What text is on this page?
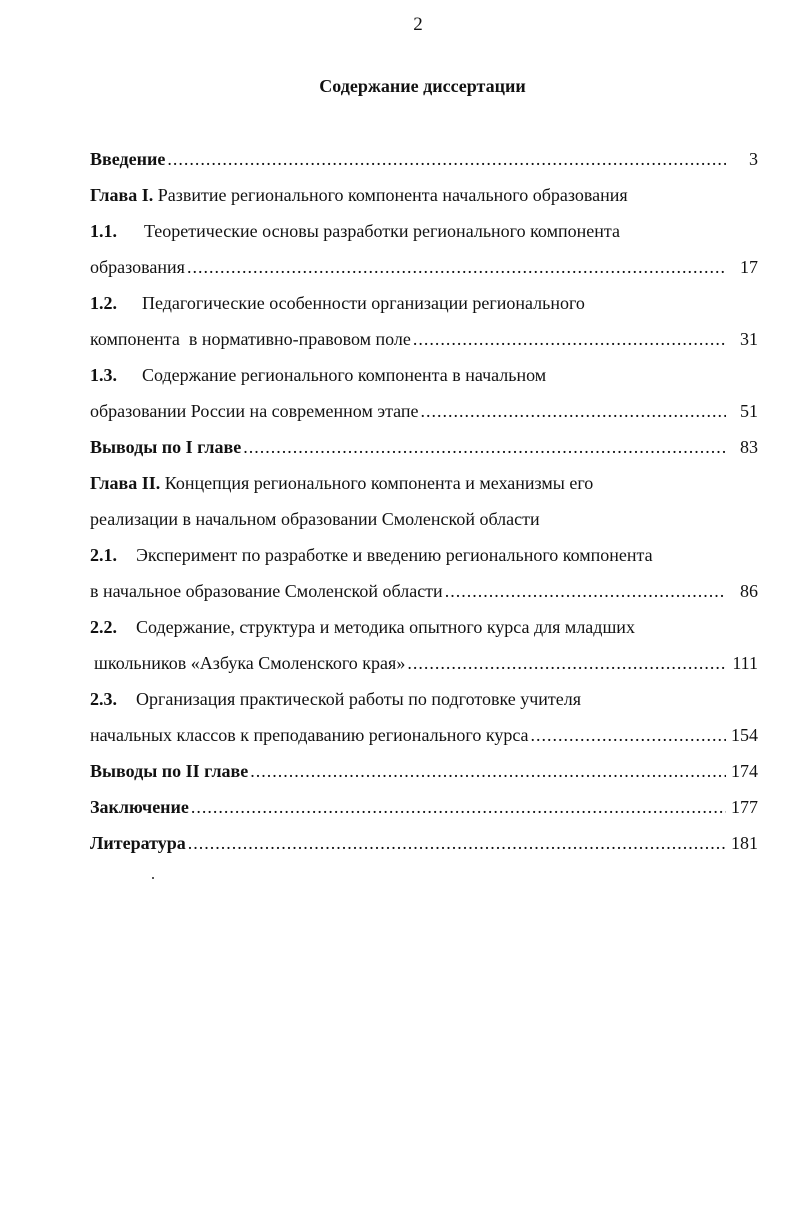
2
Содержание диссертации
Введение .....	3
Глава I. Развитие регионального компонента начального образования
1.1. Теоретические основы разработки регионального компонента
образования .....	17
1.2. Педагогические особенности организации регионального
компонента  в нормативно-правовом поле .....	31
1.3. Содержание регионального компонента в начальном
образовании России на современном этапе .....	51
Выводы по I главе .....	83
Глава II. Концепция регионального компонента и механизмы его
реализации в начальном образовании Смоленской области
2.1. Эксперимент по разработке и введению регионального компонента
в начальное образование Смоленской области .....	86
2.2. Содержание, структура и методика опытного курса для младших
школьников «Азбука Смоленского края» .....	111
2.3. Организация практической работы по подготовке учителя
начальных классов к преподаванию регионального курса .....	154
Выводы по II главе .....	174
Заключение .....	177
Литература .....	181
